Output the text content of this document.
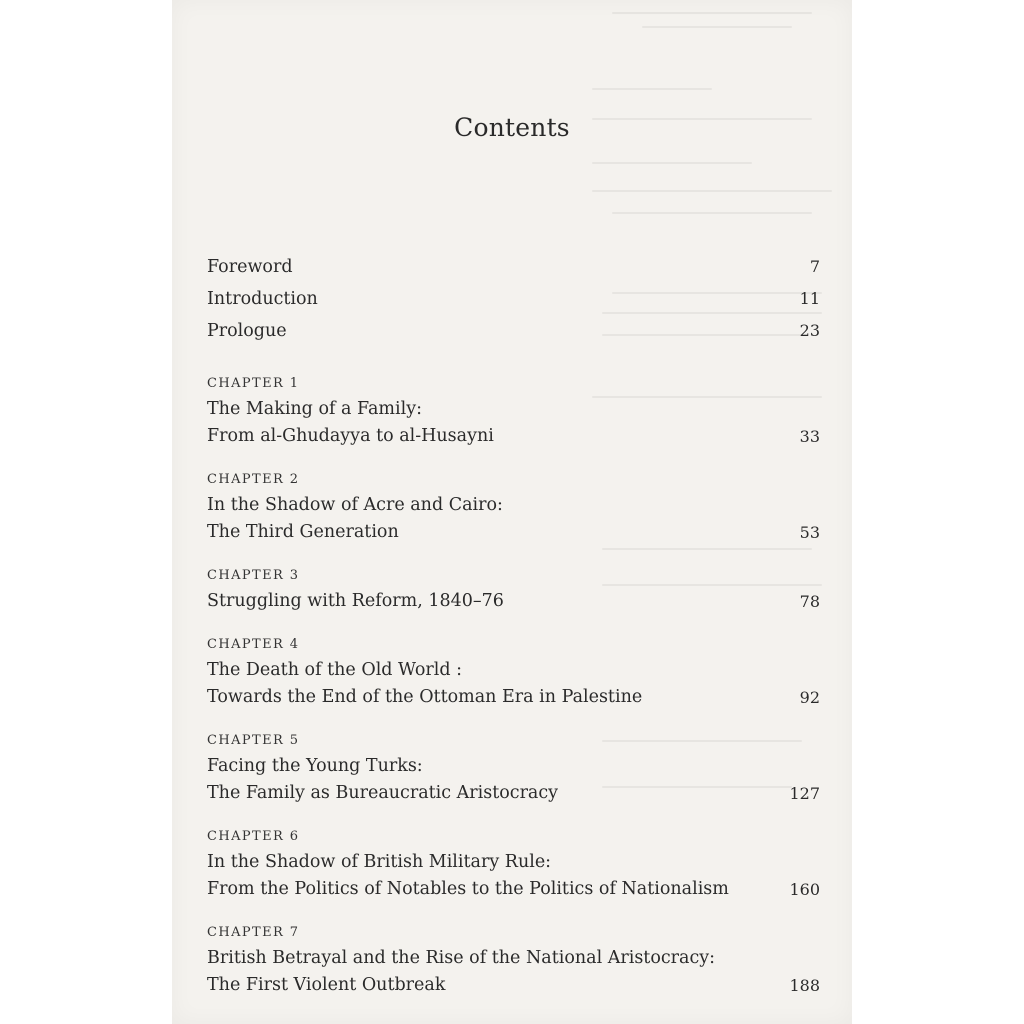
Contents
Foreword	7
Introduction	11
Prologue	23
CHAPTER 1
The Making of a Family:
From al-Ghudayya to al-Husayni	33
CHAPTER 2
In the Shadow of Acre and Cairo:
The Third Generation	53
CHAPTER 3
Struggling with Reform, 1840–76	78
CHAPTER 4
The Death of the Old World :
Towards the End of the Ottoman Era in Palestine	92
CHAPTER 5
Facing the Young Turks:
The Family as Bureaucratic Aristocracy	127
CHAPTER 6
In the Shadow of British Military Rule:
From the Politics of Notables to the Politics of Nationalism	160
CHAPTER 7
British Betrayal and the Rise of the National Aristocracy:
The First Violent Outbreak	188
